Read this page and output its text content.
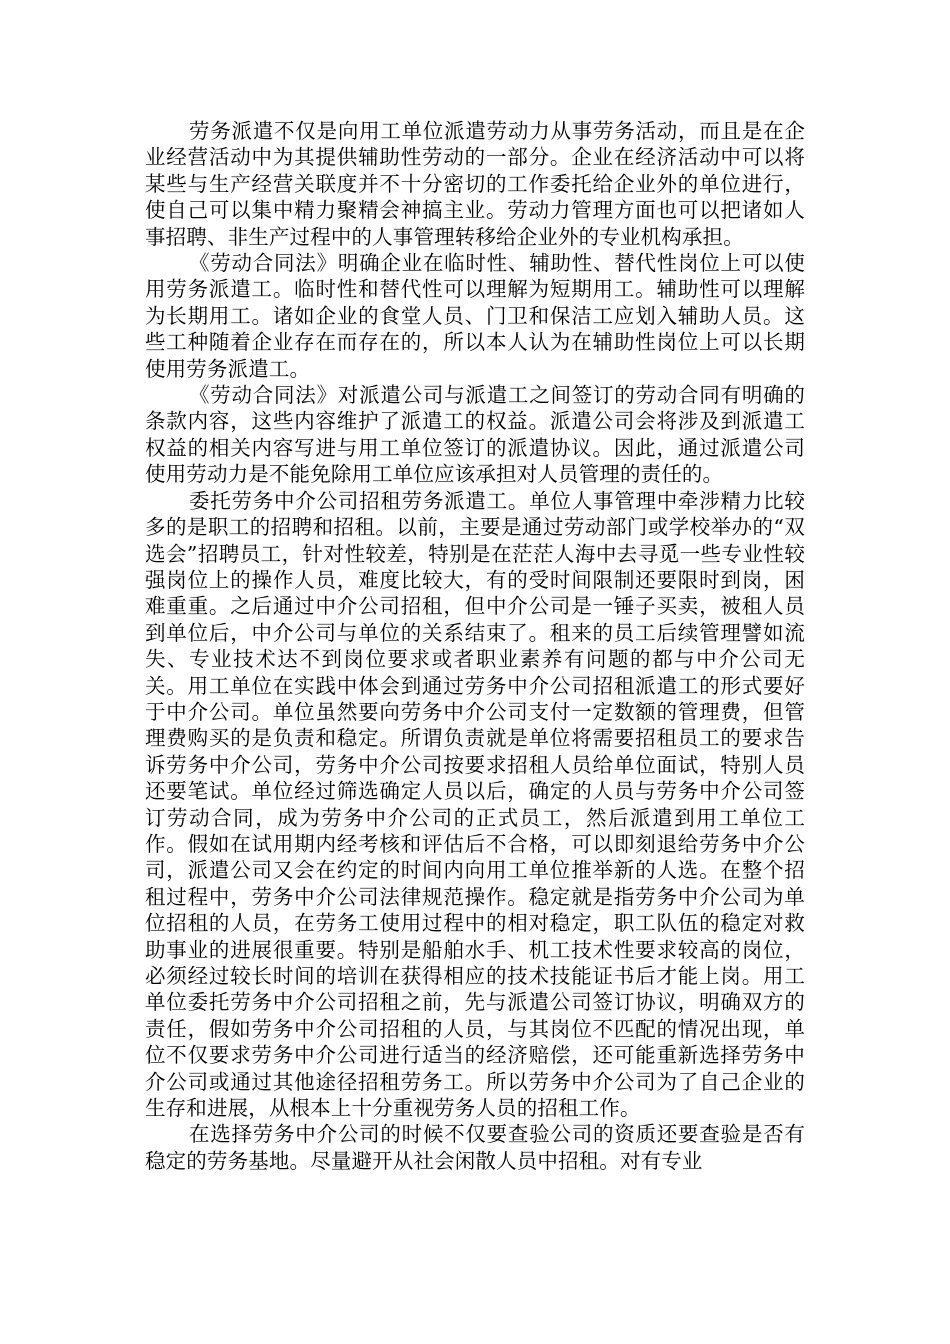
劳务派遣不仅是向用工单位派遣劳动力从事劳务活动，而且是在企业经营活动中为其提供辅助性劳动的一部分。企业在经济活动中可以将某些与生产经营关联度并不十分密切的工作委托给企业外的单位进行，使自己可以集中精力聚精会神搞主业。劳动力管理方面也可以把诸如人事招聘、非生产过程中的人事管理转移给企业外的专业机构承担。

《劳动合同法》明确企业在临时性、辅助性、替代性岗位上可以使用劳务派遣工。临时性和替代性可以理解为短期用工。辅助性可以理解为长期用工。诸如企业的食堂人员、门卫和保洁工应划入辅助人员。这些工种随着企业存在而存在的，所以本人认为在辅助性岗位上可以长期使用劳务派遣工。

《劳动合同法》对派遣公司与派遣工之间签订的劳动合同有明确的条款内容，这些内容维护了派遣工的权益。派遣公司会将涉及到派遣工权益的相关内容写进与用工单位签订的派遣协议。因此，通过派遣公司使用劳动力是不能免除用工单位应该承担对人员管理的责任的。

委托劳务中介公司招租劳务派遣工。单位人事管理中牵涉精力比较多的是职工的招聘和招租。以前，主要是通过劳动部门或学校举办的“双选会”招聘员工，针对性较差，特别是在茫茫人海中去寻觅一些专业性较强岗位上的操作人员，难度比较大，有的受时间限制还要限时到岗，困难重重。之后通过中介公司招租，但中介公司是一锤子买卖，被租人员到单位后，中介公司与单位的关系结束了。租来的员工后续管理譬如流失、专业技术达不到岗位要求或者职业素养有问题的都与中介公司无关。用工单位在实践中体会到通过劳务中介公司招租派遣工的形式要好于中介公司。单位虽然要向劳务中介公司支付一定数额的管理费，但管理费购买的是负责和稳定。所谓负责就是单位将需要招租员工的要求告诉劳务中介公司，劳务中介公司按要求招租人员给单位面试，特别人员还要笔试。单位经过筛选确定人员以后，确定的人员与劳务中介公司签订劳动合同，成为劳务中介公司的正式员工，然后派遣到用工单位工作。假如在试用期内经考核和评估后不合格，可以即刻退给劳务中介公司，派遣公司又会在约定的时间内向用工单位推举新的人选。在整个招租过程中，劳务中介公司法律规范操作。稳定就是指劳务中介公司为单位招租的人员，在劳务工使用过程中的相对稳定，职工队伍的稳定对救助事业的进展很重要。特别是船舶水手、机工技术性要求较高的岗位，必须经过较长时间的培训在获得相应的技术技能证书后才能上岗。用工单位委托劳务中介公司招租之前，先与派遣公司签订协议，明确双方的责任，假如劳务中介公司招租的人员，与其岗位不匹配的情况出现，单位不仅要求劳务中介公司进行适当的经济赔偿，还可能重新选择劳务中介公司或通过其他途径招租劳务工。所以劳务中介公司为了自己企业的生存和进展，从根本上十分重视劳务人员的招租工作。

在选择劳务中介公司的时候不仅要查验公司的资质还要查验是否有稳定的劳务基地。尽量避开从社会闲散人员中招租。对有专业
